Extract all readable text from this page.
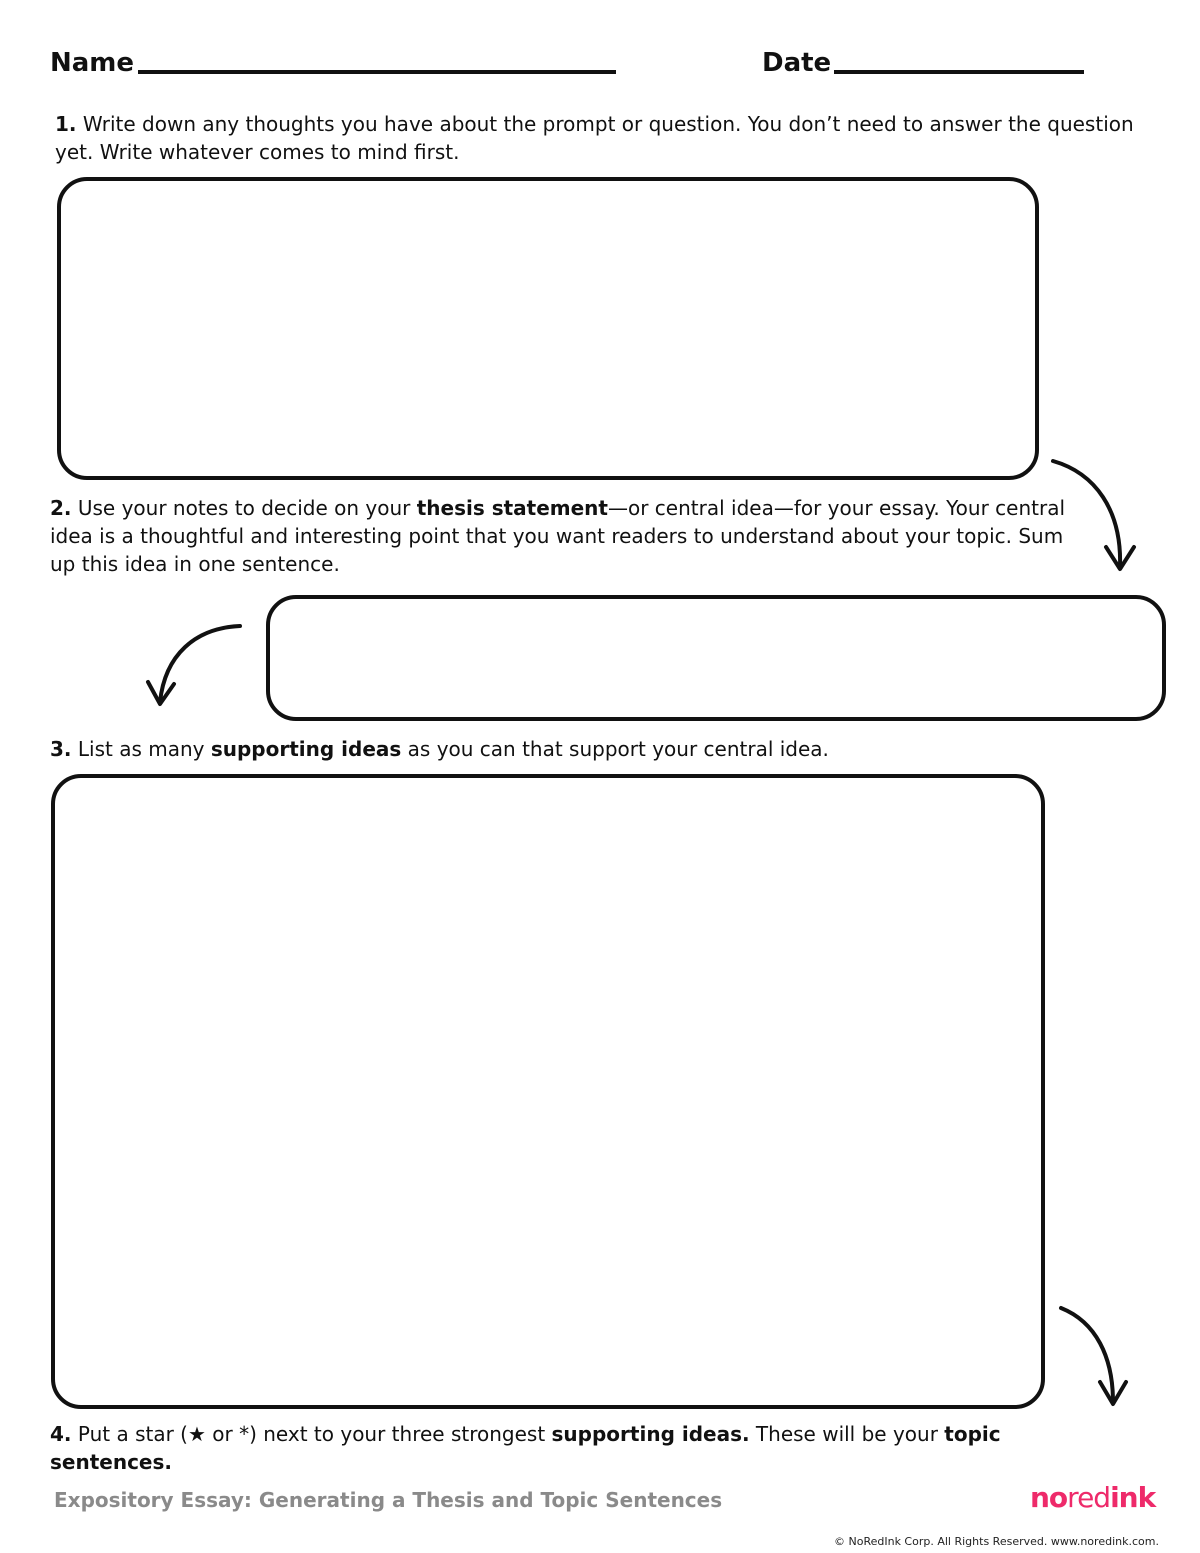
Name	Date
1. Write down any thoughts you have about the prompt or question. You don’t need to answer the question yet. Write whatever comes to mind first.
2. Use your notes to decide on your thesis statement—or central idea—for your essay. Your central idea is a thoughtful and interesting point that you want readers to understand about your topic. Sum up this idea in one sentence.
3. List as many supporting ideas as you can that support your central idea.
4. Put a star (★ or *) next to your three strongest supporting ideas. These will be your topic sentences.
Expository Essay: Generating a Thesis and Topic Sentences	noredink
© NoRedInk Corp. All Rights Reserved. www.noredink.com.
